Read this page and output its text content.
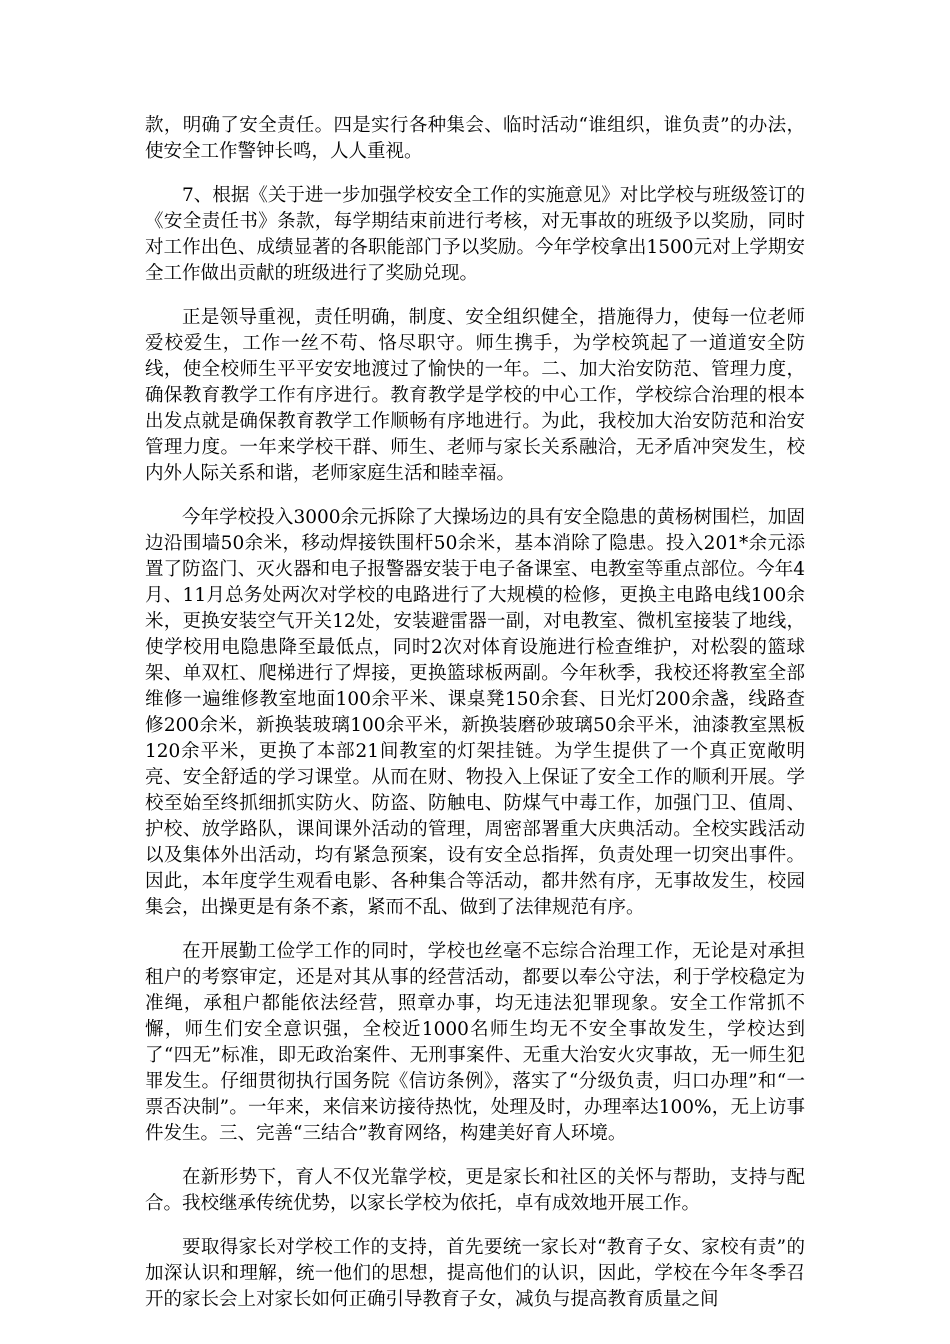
款，明确了安全责任。四是实行各种集会、临时活动“谁组织，谁负责”的办法，使安全工作警钟长鸣，人人重视。

7、根据《关于进一步加强学校安全工作的实施意见》对比学校与班级签订的《安全责任书》条款，每学期结束前进行考核，对无事故的班级予以奖励，同时对工作出色、成绩显著的各职能部门予以奖励。今年学校拿出1500元对上学期安全工作做出贡献的班级进行了奖励兑现。

正是领导重视，责任明确，制度、安全组织健全，措施得力，使每一位老师爱校爱生，工作一丝不苟、恪尽职守。师生携手，为学校筑起了一道道安全防线，使全校师生平平安安地渡过了愉快的一年。二、加大治安防范、管理力度，确保教育教学工作有序进行。教育教学是学校的中心工作，学校综合治理的根本出发点就是确保教育教学工作顺畅有序地进行。为此，我校加大治安防范和治安管理力度。一年来学校干群、师生、老师与家长关系融洽，无矛盾冲突发生，校内外人际关系和谐，老师家庭生活和睦幸福。

今年学校投入3000余元拆除了大操场边的具有安全隐患的黄杨树围栏，加固边沿围墙50余米，移动焊接铁围杆50余米，基本消除了隐患。投入201*余元添置了防盗门、灭火器和电子报警器安装于电子备课室、电教室等重点部位。今年4月、11月总务处两次对学校的电路进行了大规模的检修，更换主电路电线100余米，更换安装空气开关12处，安装避雷器一副，对电教室、微机室接装了地线，使学校用电隐患降至最低点，同时2次对体育设施进行检查维护，对松裂的篮球架、单双杠、爬梯进行了焊接，更换篮球板两副。今年秋季，我校还将教室全部维修一遍维修教室地面100余平米、课桌凳150余套、日光灯200余盏，线路查修200余米，新换装玻璃100余平米，新换装磨砂玻璃50余平米，油漆教室黑板120余平米，更换了本部21间教室的灯架挂链。为学生提供了一个真正宽敞明亮、安全舒适的学习课堂。从而在财、物投入上保证了安全工作的顺利开展。学校至始至终抓细抓实防火、防盗、防触电、防煤气中毒工作，加强门卫、值周、护校、放学路队，课间课外活动的管理，周密部署重大庆典活动。全校实践活动以及集体外出活动，均有紧急预案，设有安全总指挥，负责处理一切突出事件。因此，本年度学生观看电影、各种集合等活动，都井然有序，无事故发生，校园集会，出操更是有条不紊，紧而不乱、做到了法律规范有序。

在开展勤工俭学工作的同时，学校也丝毫不忘综合治理工作，无论是对承担租户的考察审定，还是对其从事的经营活动，都要以奉公守法，利于学校稳定为准绳，承租户都能依法经营，照章办事，均无违法犯罪现象。安全工作常抓不懈，师生们安全意识强，全校近1000名师生均无不安全事故发生，学校达到了“四无”标准，即无政治案件、无刑事案件、无重大治安火灾事故，无一师生犯罪发生。仔细贯彻执行国务院《信访条例》，落实了“分级负责，归口办理”和“一票否决制”。一年来，来信来访接待热忱，处理及时，办理率达100%，无上访事件发生。三、完善“三结合”教育网络，构建美好育人环境。

在新形势下，育人不仅光靠学校，更是家长和社区的关怀与帮助，支持与配合。我校继承传统优势，以家长学校为依托，卓有成效地开展工作。

要取得家长对学校工作的支持，首先要统一家长对“教育子女、家校有责”的加深认识和理解，统一他们的思想，提高他们的认识，因此，学校在今年冬季召开的家长会上对家长如何正确引导教育子女，减负与提高教育质量之间
